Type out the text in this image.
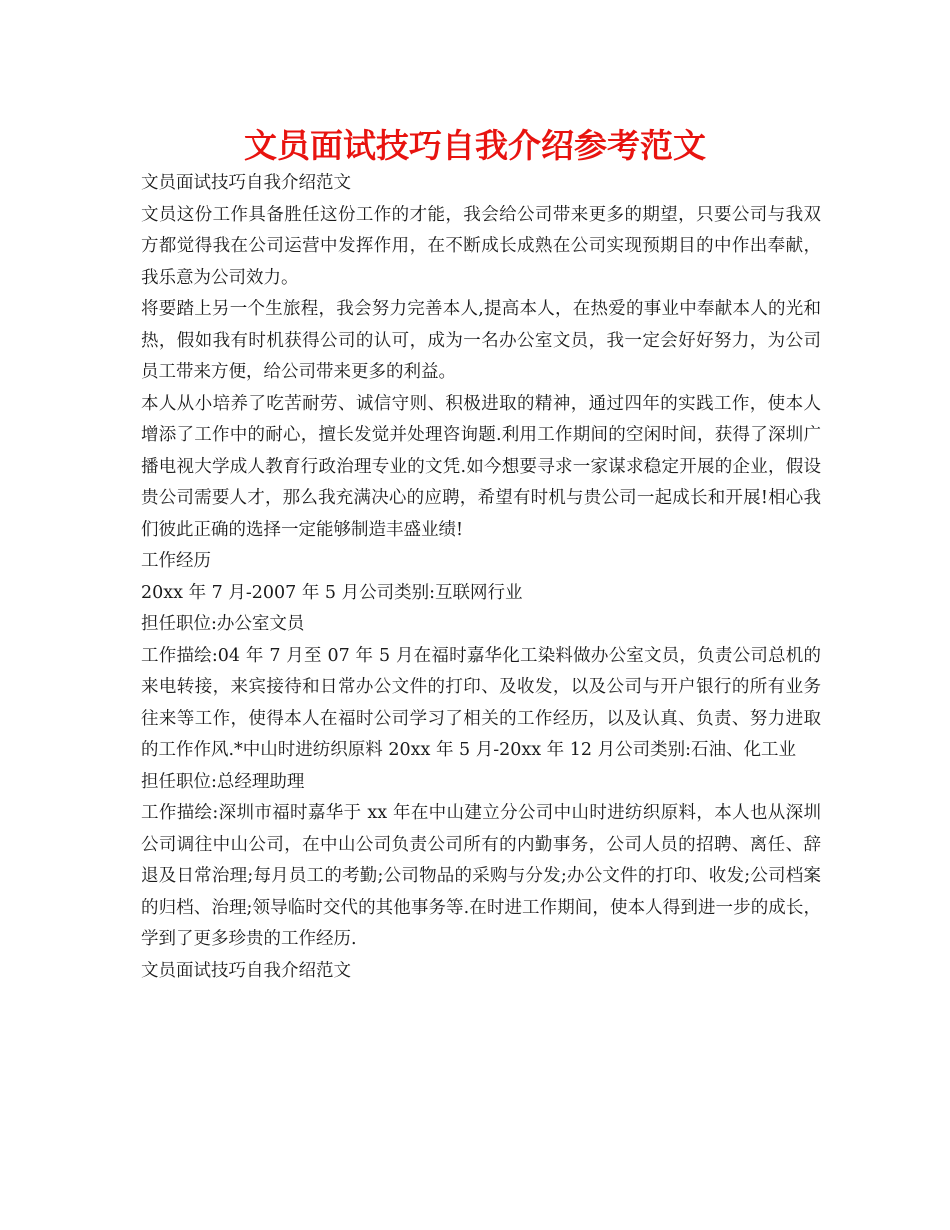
文员面试技巧自我介绍参考范文

文员面试技巧自我介绍范文

文员这份工作具备胜任这份工作的才能，我会给公司带来更多的期望，只要公司与我双方都觉得我在公司运营中发挥作用，在不断成长成熟在公司实现预期目的中作出奉献，我乐意为公司效力。

将要踏上另一个生旅程，我会努力完善本人,提高本人，在热爱的事业中奉献本人的光和热，假如我有时机获得公司的认可，成为一名办公室文员，我一定会好好努力，为公司员工带来方便，给公司带来更多的利益。

本人从小培养了吃苦耐劳、诚信守则、积极进取的精神，通过四年的实践工作，使本人增添了工作中的耐心，擅长发觉并处理咨询题.利用工作期间的空闲时间，获得了深圳广播电视大学成人教育行政治理专业的文凭.如今想要寻求一家谋求稳定开展的企业，假设贵公司需要人才，那么我充满决心的应聘，希望有时机与贵公司一起成长和开展!相心我们彼此正确的选择一定能够制造丰盛业绩!

工作经历

20xx 年 7 月-2007 年 5 月公司类别:互联网行业

担任职位:办公室文员

工作描绘:04 年 7 月至 07 年 5 月在福时嘉华化工染料做办公室文员，负责公司总机的来电转接，来宾接待和日常办公文件的打印、及收发，以及公司与开户银行的所有业务往来等工作，使得本人在福时公司学习了相关的工作经历，以及认真、负责、努力进取的工作作风.*中山时进纺织原料 20xx 年 5 月-20xx 年 12 月公司类别:石油、化工业

担任职位:总经理助理

工作描绘:深圳市福时嘉华于 xx 年在中山建立分公司中山时进纺织原料，本人也从深圳公司调往中山公司，在中山公司负责公司所有的内勤事务，公司人员的招聘、离任、辞退及日常治理;每月员工的考勤;公司物品的采购与分发;办公文件的打印、收发;公司档案的归档、治理;领导临时交代的其他事务等.在时进工作期间，使本人得到进一步的成长，学到了更多珍贵的工作经历.

文员面试技巧自我介绍范文
